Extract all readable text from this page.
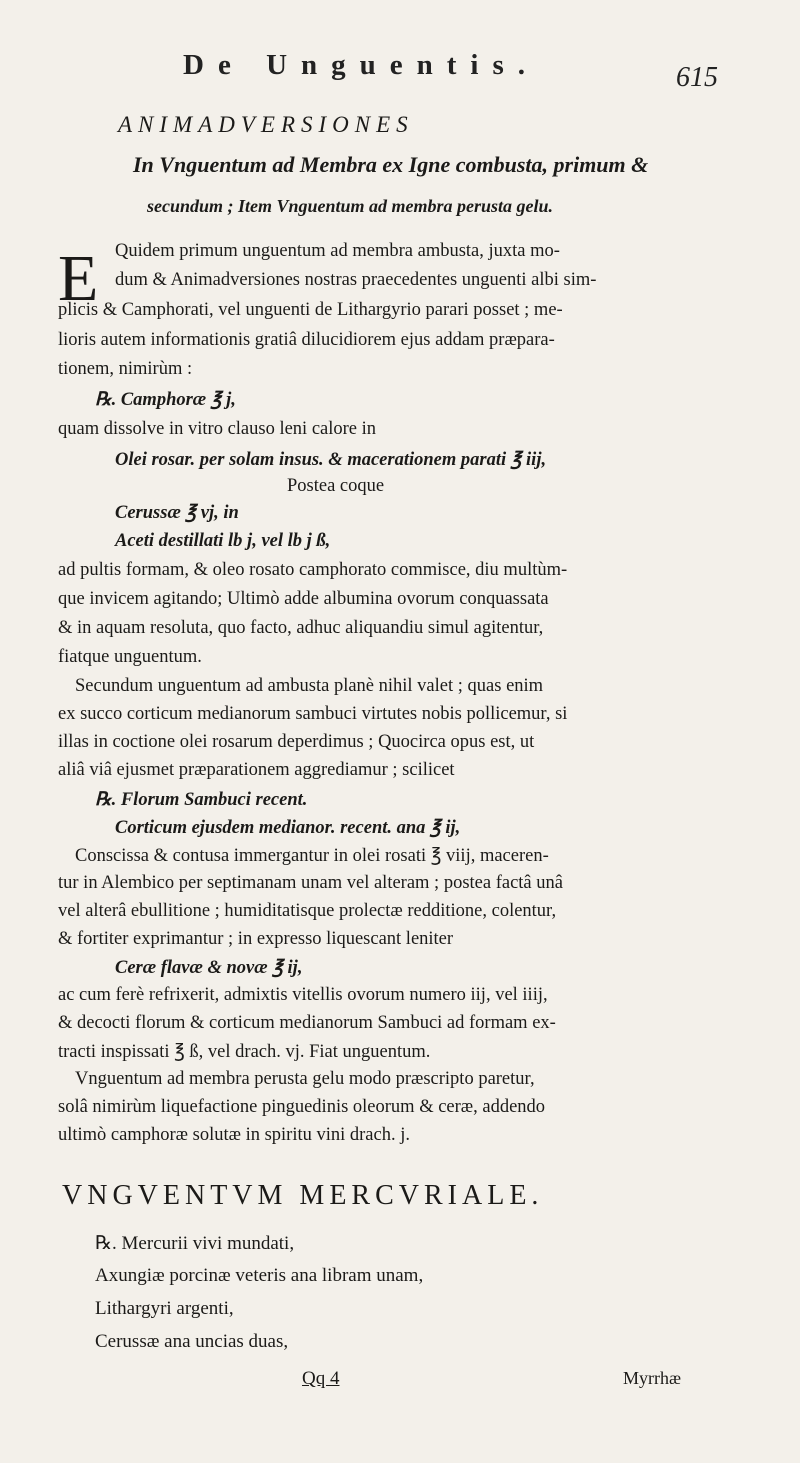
De Unguentis.	615
ANIMADVERSIONES
In Vnguentum ad Membra ex Igne combusta, primum &
secundum ; Item Vnguentum ad membra perusta gelu.
E Quidem primum unguentum ad membra ambusta, juxta mo-
dum & Animadversiones nostras praecedentes unguenti albi sim-
plicis & Camphorati, vel unguenti de Lithargyrio parari posset ; me-
lioris autem informationis gratiâ dilucidiorem ejus addam præpara-
tionem, nimirùm :
℞. Camphoræ ℥ j,
quam dissolve in vitro clauso leni calore in
Olei rosar. per solam insus. & macerationem parati ℥ iij,
Postea coque
Cerussæ ℥ vj, in
Aceti destillati lb j, vel lb j ß,
ad pultis formam, & oleo rosato camphorato commisce, diu multùm-
que invicem agitando; Ultimò adde albumina ovorum conquassata
& in aquam resoluta, quo facto, adhuc aliquandiu simul agitentur,
fiatque unguentum.
Secundum unguentum ad ambusta planè nihil valet ; quas enim
ex succo corticum medianorum sambuci virtutes nobis pollicemur, si
illas in coctione olei rosarum deperdimus ; Quocirca opus est, ut
aliâ viâ ejusmet præparationem aggrediamur ; scilicet
℞. Florum Sambuci recent.
Corticum ejusdem medianor. recent. ana ℥ ij,
Conscissa & contusa immergantur in olei rosati ℥ viij, maceren-
tur in Alembico per septimanam unam vel alteram ; postea factâ unâ
vel alterâ ebullitione ; humiditatisque prolectæ redditione, colentur,
& fortiter exprimantur ; in expresso liquescant leniter
Ceræ flavæ & novæ ℥ ij,
ac cum ferè refrixerit, admixtis vitellis ovorum numero iij, vel iiij,
& decocti florum & corticum medianorum Sambuci ad formam ex-
tracti inspissati ℥ ß, vel drach. vj. Fiat unguentum.
Vnguentum ad membra perusta gelu modo præscripto paretur,
solâ nimirùm liquefactione pinguedinis oleorum & ceræ, addendo
ultimò camphoræ solutæ in spiritu vini drach. j.
VNGVENTVM MERCVRIALE.
℞. Mercurii vivi mundati,
Axungiæ porcinæ veteris ana libram unam,
Lithargyri argenti,
Cerussæ ana uncias duas,
Qq 4	Myrrhæ
